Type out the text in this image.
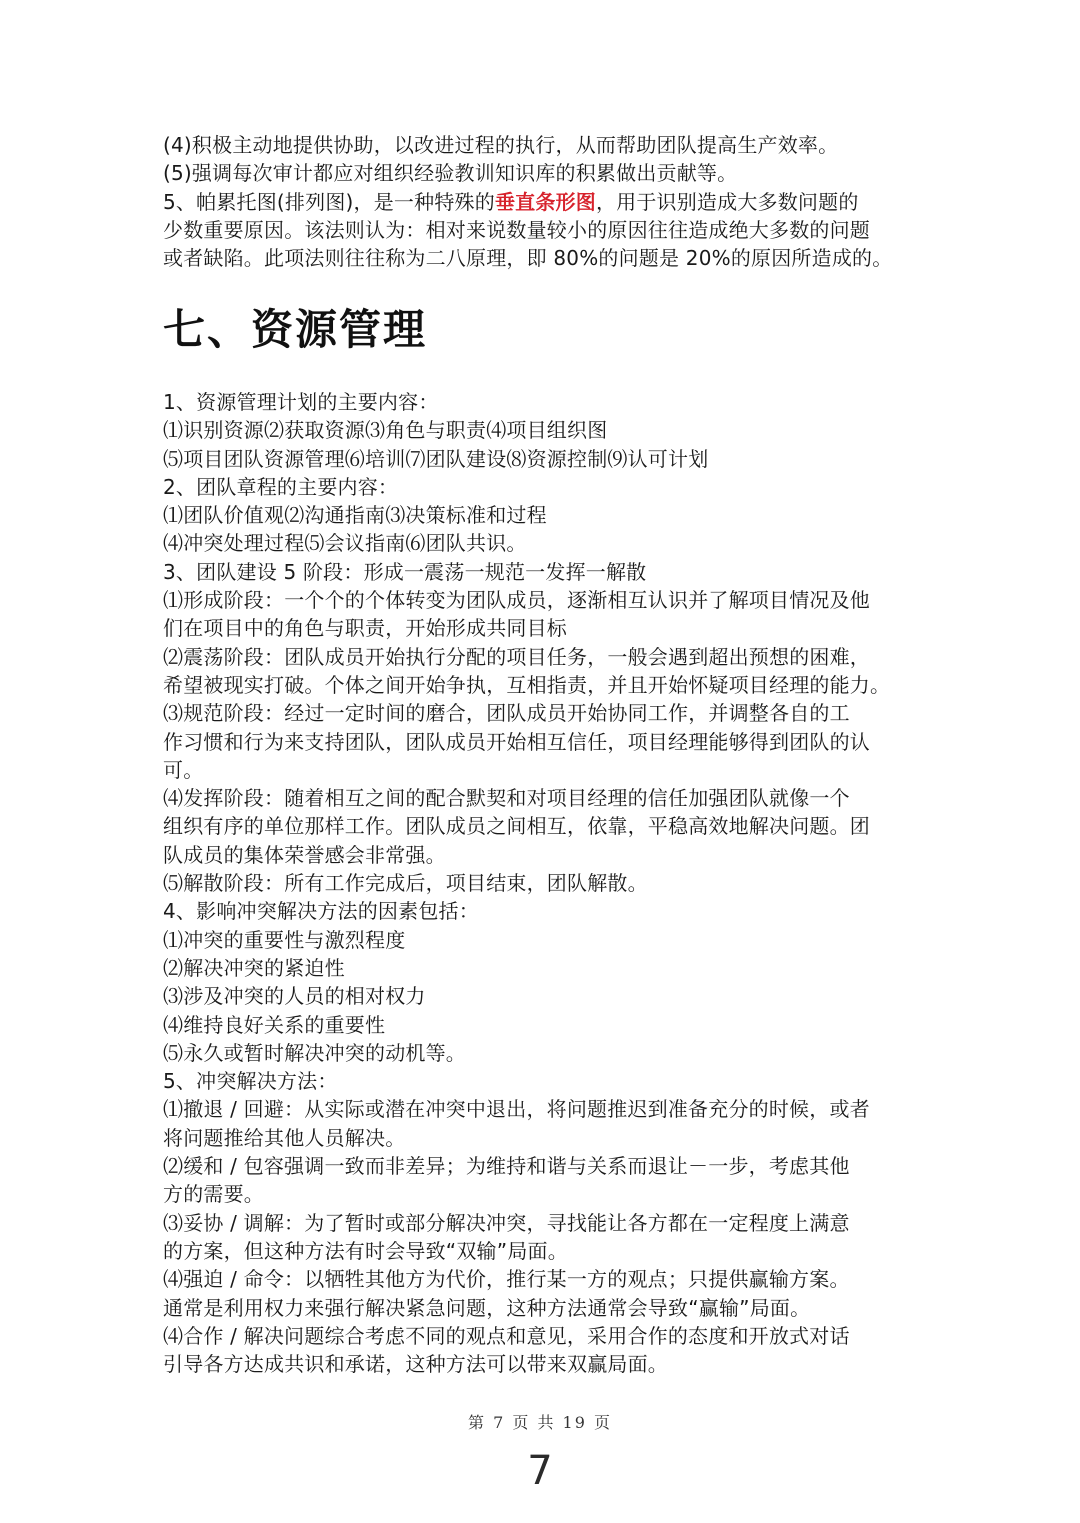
(4)积极主动地提供协助，以改进过程的执行，从而帮助团队提高生产效率。
(5)强调每次审计都应对组织经验教训知识库的积累做出贡献等。
5、帕累托图(排列图)，是一种特殊的垂直条形图，用于识别造成大多数问题的
少数重要原因。该法则认为：相对来说数量较小的原因往往造成绝大多数的问题
或者缺陷。此项法则往往称为二八原理，即 80%的问题是 20%的原因所造成的。
七、资源管理
1、资源管理计划的主要内容：
⑴识别资源⑵获取资源⑶角色与职责⑷项目组织图
⑸项目团队资源管理⑹培训⑺团队建设⑻资源控制⑼认可计划
2、团队章程的主要内容：
⑴团队价值观⑵沟通指南⑶决策标准和过程
⑷冲突处理过程⑸会议指南⑹团队共识。
3、团队建设 5 阶段：形成一震荡一规范一发挥一解散
⑴形成阶段：一个个的个体转变为团队成员，逐渐相互认识并了解项目情况及他
们在项目中的角色与职责，开始形成共同目标
⑵震荡阶段：团队成员开始执行分配的项目任务，一般会遇到超出预想的困难，
希望被现实打破。个体之间开始争执，互相指责，并且开始怀疑项目经理的能力。
⑶规范阶段：经过一定时间的磨合，团队成员开始协同工作，并调整各自的工
作习惯和行为来支持团队，团队成员开始相互信任，项目经理能够得到团队的认
可。
⑷发挥阶段：随着相互之间的配合默契和对项目经理的信任加强团队就像一个
组织有序的单位那样工作。团队成员之间相互，依靠，平稳高效地解决问题。团
队成员的集体荣誉感会非常强。
⑸解散阶段：所有工作完成后，项目结束，团队解散。
4、影响冲突解决方法的因素包括：
⑴冲突的重要性与激烈程度
⑵解决冲突的紧迫性
⑶涉及冲突的人员的相对权力
⑷维持良好关系的重要性
⑸永久或暂时解决冲突的动机等。
5、冲突解决方法：
⑴撤退 / 回避：从实际或潜在冲突中退出，将问题推迟到准备充分的时候，或者
将问题推给其他人员解决。
⑵缓和 / 包容强调一致而非差异；为维持和谐与关系而退让－一步，考虑其他
方的需要。
⑶妥协 / 调解：为了暂时或部分解决冲突，寻找能让各方都在一定程度上满意
的方案，但这种方法有时会导致“双输”局面。
⑷强迫 / 命令：以牺牲其他方为代价，推行某一方的观点；只提供赢输方案。
通常是利用权力来强行解决紧急问题，这种方法通常会导致“赢输”局面。
⑷合作 / 解决问题综合考虑不同的观点和意见，采用合作的态度和开放式对话
引导各方达成共识和承诺，这种方法可以带来双赢局面。
第 7 页 共 19 页
7
